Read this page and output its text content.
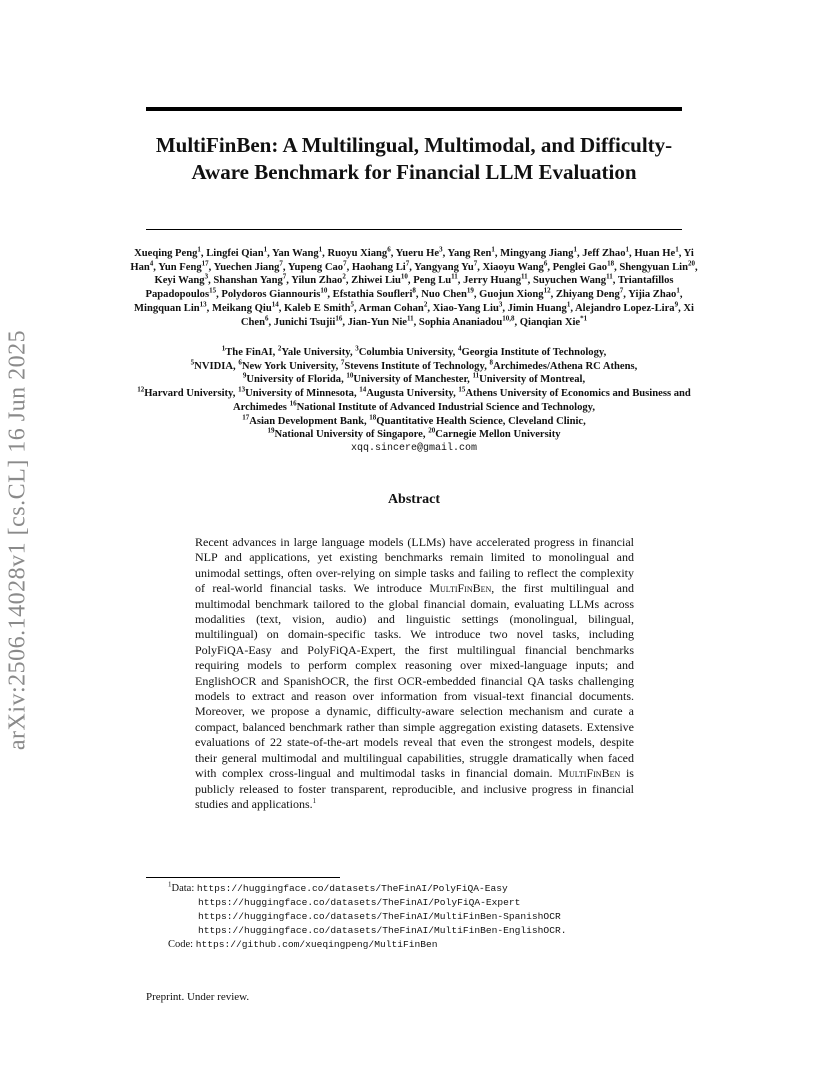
arXiv:2506.14028v1 [cs.CL] 16 Jun 2025
MultiFinBen: A Multilingual, Multimodal, and Difficulty-Aware Benchmark for Financial LLM Evaluation
Xueqing Peng$^1$, Lingfei Qian$^1$, Yan Wang$^1$, Ruoyu Xiang$^6$, Yueru He$^3$, Yang Ren$^1$, Mingyang Jiang$^1$, Jeff Zhao$^1$, Huan He$^1$, Yi Han$^4$, Yun Feng$^{17}$, Yuechen Jiang$^7$, Yupeng Cao$^7$, Haohang Li$^7$, Yangyang Yu$^7$, Xiaoyu Wang$^6$, Penglei Gao$^{18}$, Shengyuan Lin$^{20}$, Keyi Wang$^3$, Shanshan Yang$^7$, Yilun Zhao$^2$, Zhiwei Liu$^{10}$, Peng Lu$^{11}$, Jerry Huang$^{11}$, Suyuchen Wang$^{11}$, Triantafillos Papadopoulos$^{15}$, Polydoros Giannouris$^{10}$, Efstathia Soufleri$^8$, Nuo Chen$^{19}$, Guojun Xiong$^{12}$, Zhiyang Deng$^7$, Yijia Zhao$^1$, Mingquan Lin$^{13}$, Meikang Qiu$^{14}$, Kaleb E Smith$^5$, Arman Cohan$^2$, Xiao-Yang Liu$^3$, Jimin Huang$^1$, Alejandro Lopez-Lira$^9$, Xi Chen$^6$, Junichi Tsujii$^{16}$, Jian-Yun Nie$^{11}$, Sophia Ananiadou$^{10,8}$, Qianqian Xie$^{*1}$
$^1$The FinAI, $^2$Yale University, $^3$Columbia University, $^4$Georgia Institute of Technology,
$^5$NVIDIA, $^6$New York University, $^7$Stevens Institute of Technology, $^8$Archimedes/Athena RC Athens,
$^9$University of Florida, $^{10}$University of Manchester, $^{11}$University of Montreal,
$^{12}$Harvard University, $^{13}$University of Minnesota, $^{14}$Augusta University, $^{15}$Athens University of Economics and Business and Archimedes $^{16}$National Institute of Advanced Industrial Science and Technology,
$^{17}$Asian Development Bank, $^{18}$Quantitative Health Science, Cleveland Clinic,
$^{19}$National University of Singapore, $^{20}$Carnegie Mellon University
xqq.sincere@gmail.com
Abstract

Recent advances in large language models (LLMs) have accelerated progress in financial NLP and applications, yet existing benchmarks remain limited to monolingual and unimodal settings, often over-relying on simple tasks and failing to reflect the complexity of real-world financial tasks. We introduce MultiFinBen, the first multilingual and multimodal benchmark tailored to the global financial domain, evaluating LLMs across modalities (text, vision, audio) and linguistic settings (monolingual, bilingual, multilingual) on domain-specific tasks. We introduce two novel tasks, including PolyFiQA-Easy and PolyFiQA-Expert, the first multilingual financial benchmarks requiring models to perform complex reasoning over mixed-language inputs; and EnglishOCR and SpanishOCR, the first OCR-embedded financial QA tasks challenging models to extract and reason over information from visual-text financial documents. Moreover, we propose a dynamic, difficulty-aware selection mechanism and curate a compact, balanced benchmark rather than simple aggregation existing datasets. Extensive evaluations of 22 state-of-the-art models reveal that even the strongest models, despite their general multimodal and multilingual capabilities, struggle dramatically when faced with complex cross-lingual and multimodal tasks in financial domain. MultiFinBen is publicly released to foster transparent, reproducible, and inclusive progress in financial studies and applications.$^1$

$^1$Data: https://huggingface.co/datasets/TheFinAI/PolyFiQA-Easy
https://huggingface.co/datasets/TheFinAI/PolyFiQA-Expert
https://huggingface.co/datasets/TheFinAI/MultiFinBen-SpanishOCR
https://huggingface.co/datasets/TheFinAI/MultiFinBen-EnglishOCR.
Code: https://github.com/xueqingpeng/MultiFinBen
Preprint. Under review.
